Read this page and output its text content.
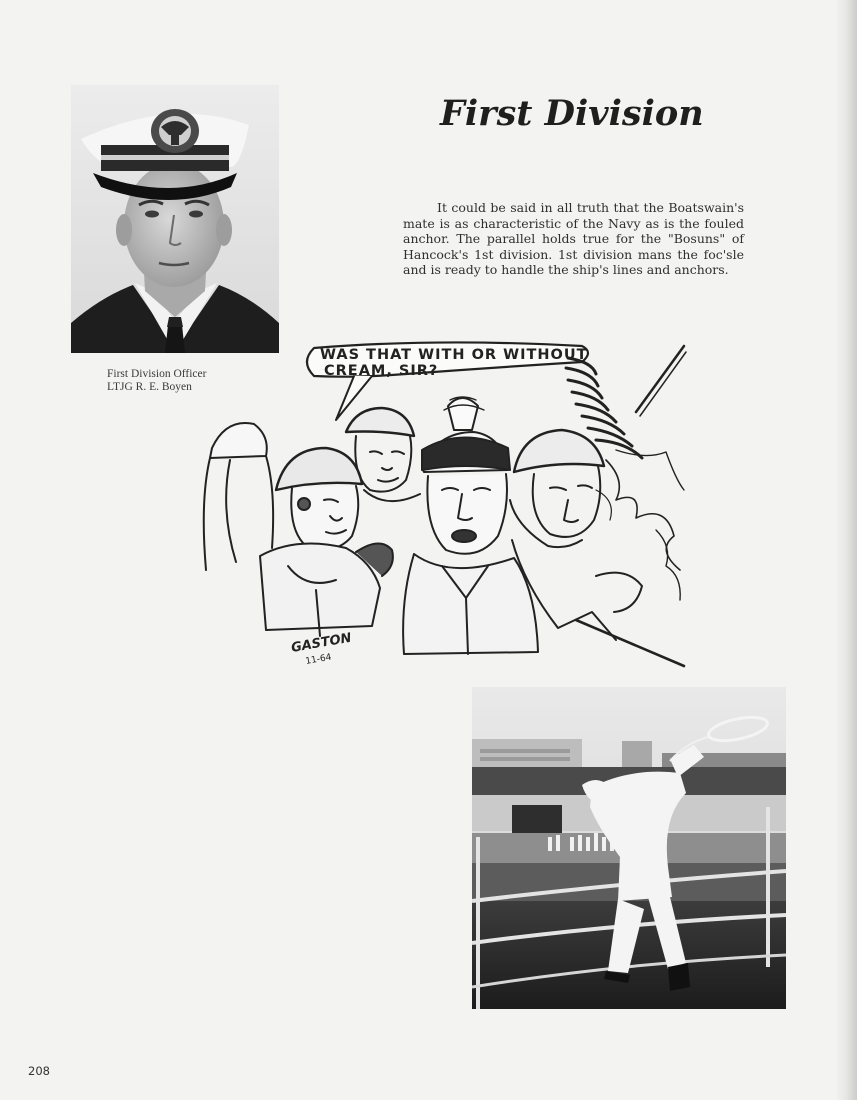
First Division Officer
LTJG R. E. Boyen
First Division
It could be said in all truth that the Boatswain's mate is as characteristic of the Navy as is the fouled anchor. The parallel holds true for the "Bosuns" of Hancock's 1st division. 1st division mans the foc'sle and is ready to handle the ship's lines and anchors.
WAS THAT WITH OR WITHOUT
CREAM, SIR?
GASTON
11-64
208
